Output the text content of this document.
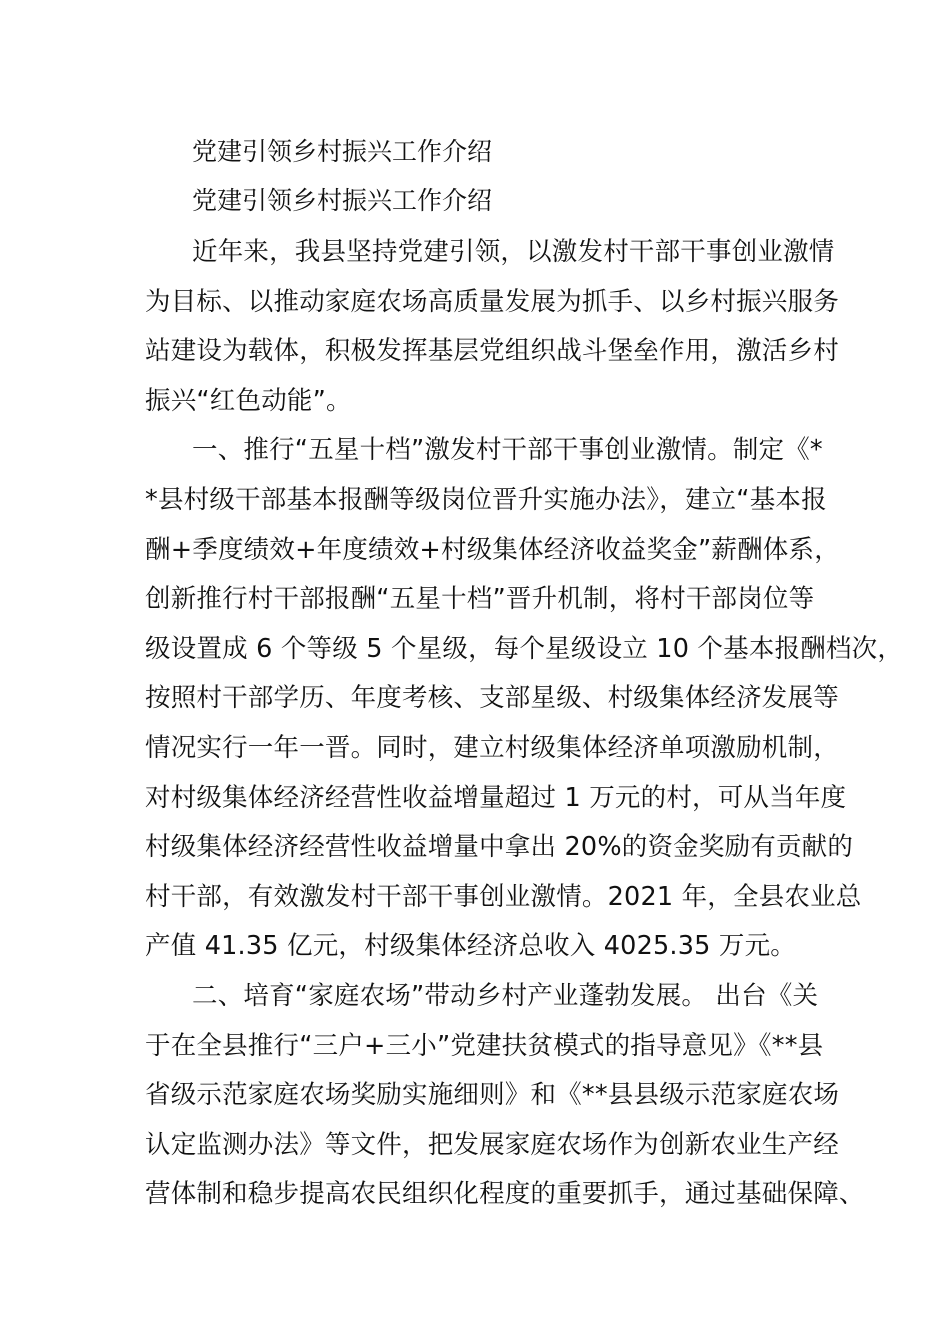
党建引领乡村振兴工作介绍
党建引领乡村振兴工作介绍
近年来，我县坚持党建引领，以激发村干部干事创业激情
为目标、以推动家庭农场高质量发展为抓手、以乡村振兴服务
站建设为载体，积极发挥基层党组织战斗堡垒作用，激活乡村
振兴“红色动能”。
一、推行“五星十档”激发村干部干事创业激情。制定《*
*县村级干部基本报酬等级岗位晋升实施办法》，建立“基本报
酬+季度绩效+年度绩效+村级集体经济收益奖金”薪酬体系，
创新推行村干部报酬“五星十档”晋升机制，将村干部岗位等
级设置成 6 个等级 5 个星级，每个星级设立 10 个基本报酬档次，
按照村干部学历、年度考核、支部星级、村级集体经济发展等
情况实行一年一晋。同时，建立村级集体经济单项激励机制，
对村级集体经济经营性收益增量超过 1 万元的村，可从当年度
村级集体经济经营性收益增量中拿出 20%的资金奖励有贡献的
村干部，有效激发村干部干事创业激情。2021 年，全县农业总
产值 41.35 亿元，村级集体经济总收入 4025.35 万元。
二、培育“家庭农场”带动乡村产业蓬勃发展。 出台《关
于在全县推行“三户+三小”党建扶贫模式的指导意见》《**县
省级示范家庭农场奖励实施细则》和《**县县级示范家庭农场
认定监测办法》等文件，把发展家庭农场作为创新农业生产经
营体制和稳步提高农民组织化程度的重要抓手，通过基础保障、
